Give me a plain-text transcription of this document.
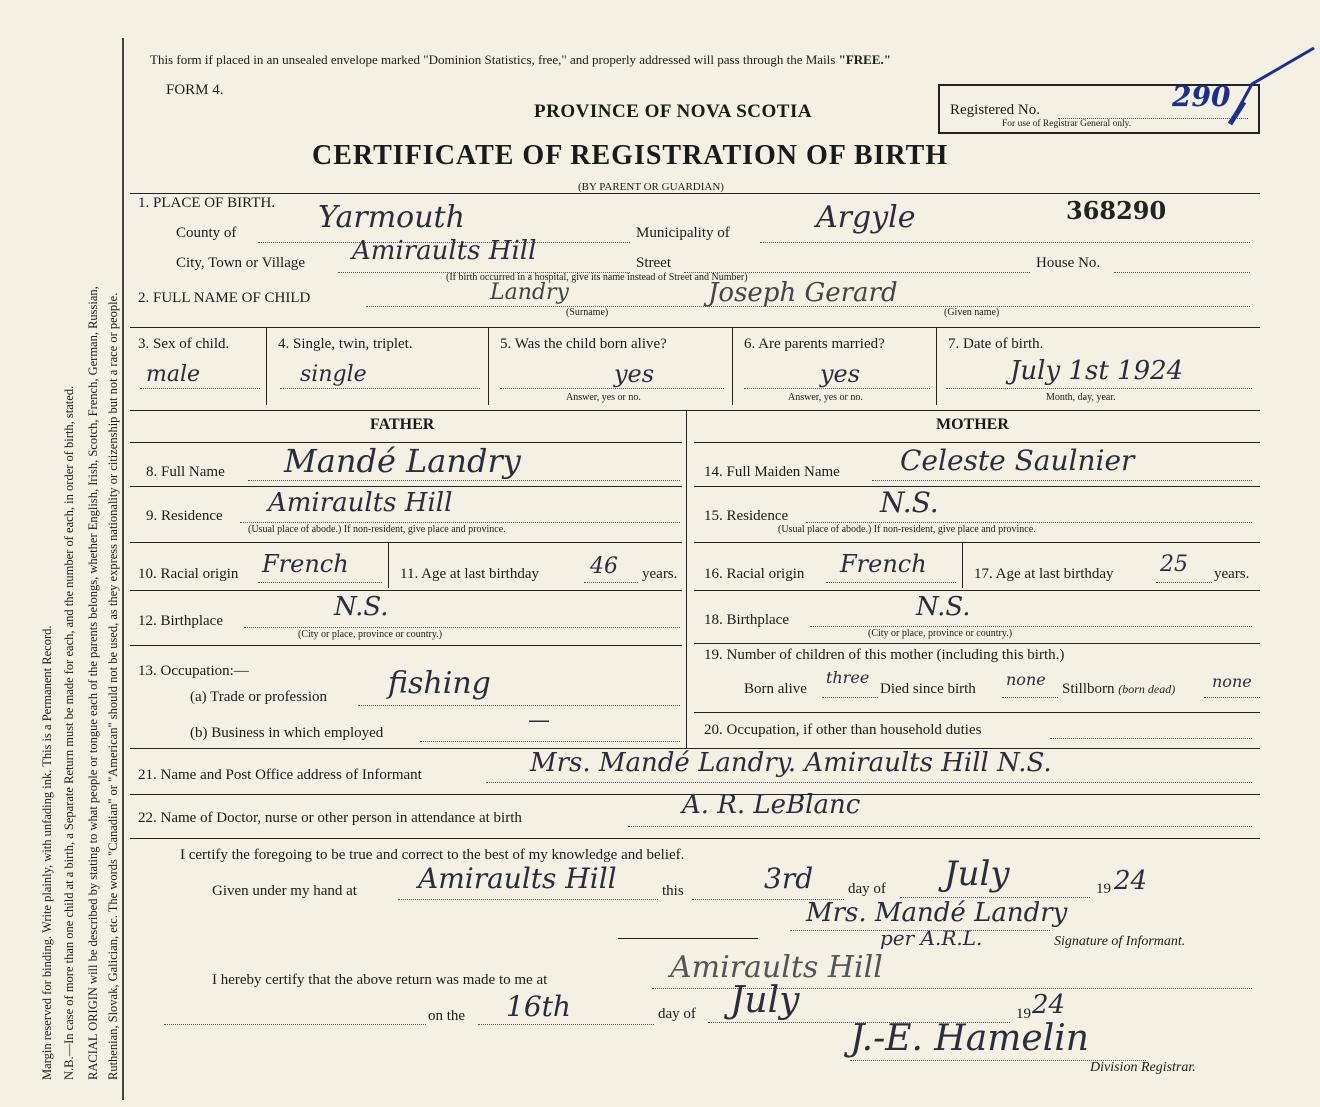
Margin reserved for binding. Write plainly, with unfading ink. This is a Permanent Record. N.B.—In case of more than one child at a birth, a Separate Return must be made for each, and the number of each, in order of birth, stated. RACIAL ORIGIN will be described by stating to what people or tongue each of the parents belongs, whether English, Irish, Scotch, French, German, Russian, Ruthenian, Slovak, Galician, etc. The words "Canadian" or "American" should not be used, as they express nationality or citizenship but not a race or people.
This form if placed in an unsealed envelope marked "Dominion Statistics, free," and properly addressed will pass through the Mails "FREE."
FORM 4.
PROVINCE OF NOVA SCOTIA
CERTIFICATE OF REGISTRATION OF BIRTH
(BY PARENT OR GUARDIAN)
Registered No.	290
For use of Registrar General only.
1. PLACE OF BIRTH.	368290
County of	Yarmouth	Municipality of	Argyle
City, Town or Village Amiraults Hill	Street	House No.
(If birth occurred in a hospital, give its name instead of Street and Number)
2. FULL NAME OF CHILD	Landry	Joseph Gerard
(Surname)	(Given name)
3. Sex of child.
male
4. Single, twin, triplet.
single
5. Was the child born alive?
yes
Answer, yes or no.
6. Are parents married?
yes
Answer, yes or no.
7. Date of birth.
July 1st 1924
Month, day, year.
FATHER	MOTHER
8. Full Name Mandé Landry
9. Residence Amiraults Hill
(Usual place of abode.) If non-resident, give place and province.
10. Racial origin French	11. Age at last birthday 46 years.
12. Birthplace	N.S.
(City or place, province or country.)
13. Occupation:—
(a) Trade or profession fishing
(b) Business in which employed	—
14. Full Maiden Name Celeste Saulnier
15. Residence	N.S.
(Usual place of abode.) If non-resident, give place and province.
16. Racial origin French	17. Age at last birthday 25 years.
18. Birthplace	N.S.
(City or place, province or country.)
19. Number of children of this mother (including this birth.)
Born alive
three
Died since birth none Stillborn (born dead) none
20. Occupation, if other than household duties
21. Name and Post Office address of Informant	Mrs. Mandé Landry. Amiraults Hill N.S.
22. Name of Doctor, nurse or other person in attendance at birth	A. R. LeBlanc
I certify the foregoing to be true and correct to the best of my knowledge and belief.
Given under my hand at Amiraults Hill	this	3rd day of July	19 24
Mrs. Mandé Landry
per A.R.L.	Signature of Informant.
I hereby certify that the above return was made to me at	Amiraults Hill
on the 16th	day of July	19 24
J.-E. Hamelin
Division Registrar.
